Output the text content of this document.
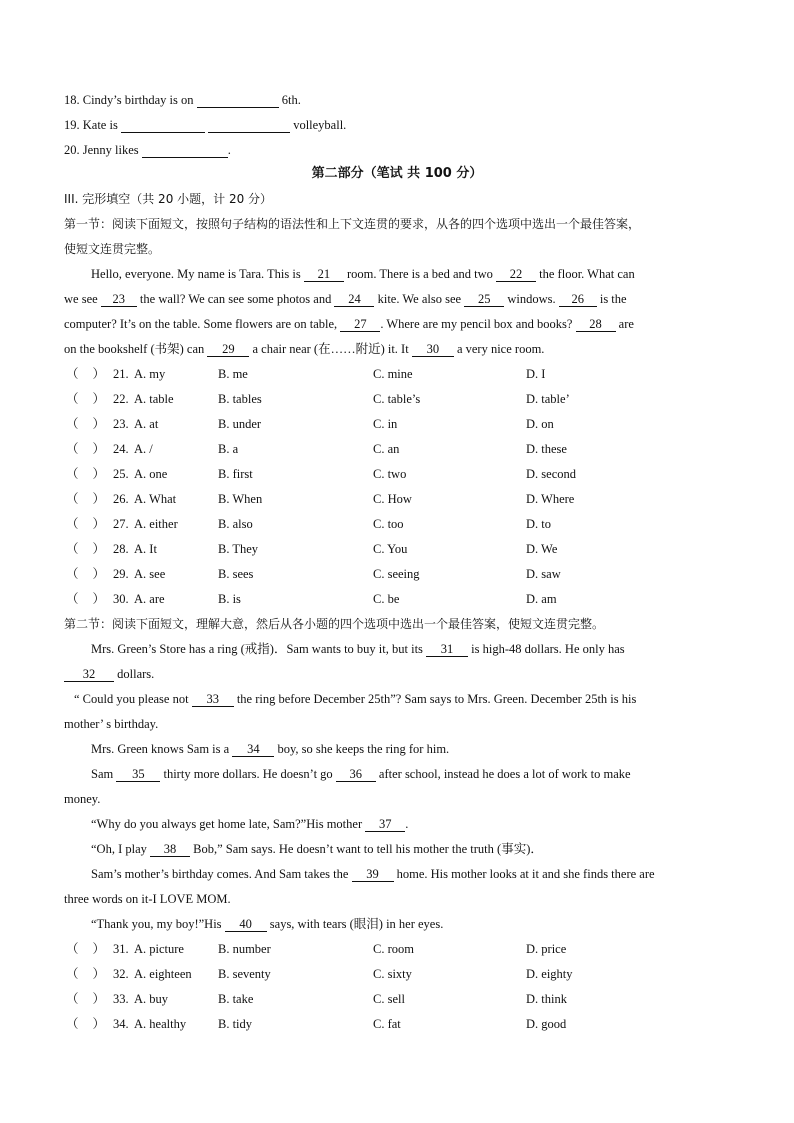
18. Cindy’s birthday is on	6th.
19. Kate is	volleyball.
20. Jenny likes	.
第二部分（笔试 共 100 分）
III. 完形填空（共 20 小题，计 20 分）
第一节：阅读下面短文，按照句子结构的语法性和上下文连贯的要求，从各的四个选项中选出一个最佳答案，
使短文连贯完整。
Hello, everyone. My name is Tara. This is 21 room. There is a bed and two 22 the floor. What can
we see 23 the wall? We can see some photos and 24 kite. We also see 25 windows. 26 is the
computer? It’s on the table. Some flowers are on table, 27 . Where are my pencil box and books? 28 are
on the bookshelf (书架) can 29 a chair near (在……附近) it. It 30 a very nice room.
（ ） 21. A. my	B. me	C. mine	D. I
（ ） 22. A. table	B. tables	C. table’s	D. table’
（ ） 23. A. at	B. under	C. in	D. on
（ ） 24. A. /	B. a	C. an	D. these
（ ） 25. A. one	B. first	C. two	D. second
（ ） 26. A. What	B. When	C. How	D. Where
（ ） 27. A. either	B. also	C. too	D. to
（ ） 28. A. It	B. They	C. You	D. We
（ ） 29. A. see	B. sees	C. seeing	D. saw
（ ） 30. A. are	B. is	C. be	D. am
第二节：阅读下面短文，理解大意，然后从各小题的四个选项中选出一个最佳答案，使短文连贯完整。
Mrs. Green’s Store has a ring (戒指)．Sam wants to buy it, but its 31 is high-48 dollars. He only has
32 dollars.
“ Could you please not 33 the ring before December 25th”? Sam says to Mrs. Green. December 25th is his
mother’ s birthday.
Mrs. Green knows Sam is a 34 boy, so she keeps the ring for him.
Sam 35 thirty more dollars. He doesn’t go 36 after school, instead he does a lot of work to make
money.
“Why do you always get home late, Sam?”His mother 37 .
“Oh, I play 38 Bob,” Sam says. He doesn’t want to tell his mother the truth (事实)．
Sam’s mother’s birthday comes. And Sam takes the 39 home. His mother looks at it and she finds there are
three words on it-I LOVE MOM.
“Thank you, my boy!”His 40 says, with tears (眼泪) in her eyes.
（ ） 31. A. picture	B. number	C. room	D. price
（ ） 32. A. eighteen B. seventy	C. sixty	D. eighty
（ ） 33. A. buy	B. take	C. sell	D. think
（ ） 34. A. healthy	B. tidy	C. fat	D. good
